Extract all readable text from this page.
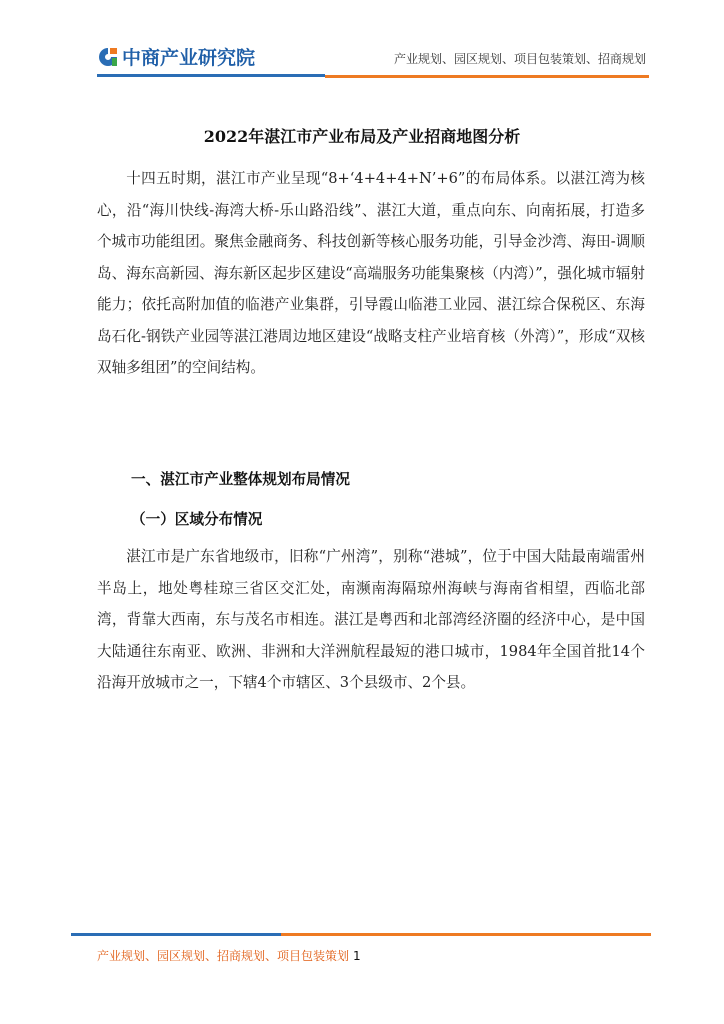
中商产业研究院	产业规划、园区规划、项目包装策划、招商规划
2022年湛江市产业布局及产业招商地图分析

十四五时期，湛江市产业呈现“8+‘4+4+4+N’+6”的布局体系。以湛江湾为核心，沿“海川快线-海湾大桥-乐山路沿线”、湛江大道，重点向东、向南拓展，打造多个城市功能组团。聚焦金融商务、科技创新等核心服务功能，引导金沙湾、海田-调顺岛、海东高新园、海东新区起步区建设“高端服务功能集聚核（内湾）”，强化城市辐射能力；依托高附加值的临港产业集群，引导霞山临港工业园、湛江综合保税区、东海岛石化-钢铁产业园等湛江港周边地区建设“战略支柱产业培育核（外湾）”，形成“双核双轴多组团”的空间结构。

一、湛江市产业整体规划布局情况
（一）区域分布情况

湛江市是广东省地级市，旧称“广州湾”，别称“港城”，位于中国大陆最南端雷州半岛上，地处粤桂琼三省区交汇处，南濒南海隔琼州海峡与海南省相望，西临北部湾，背靠大西南，东与茂名市相连。湛江是粤西和北部湾经济圈的经济中心，是中国大陆通往东南亚、欧洲、非洲和大洋洲航程最短的港口城市，1984年全国首批14个沿海开放城市之一，下辖4个市辖区、3个县级市、2个县。

产业规划、园区规划、招商规划、项目包装策划 1
